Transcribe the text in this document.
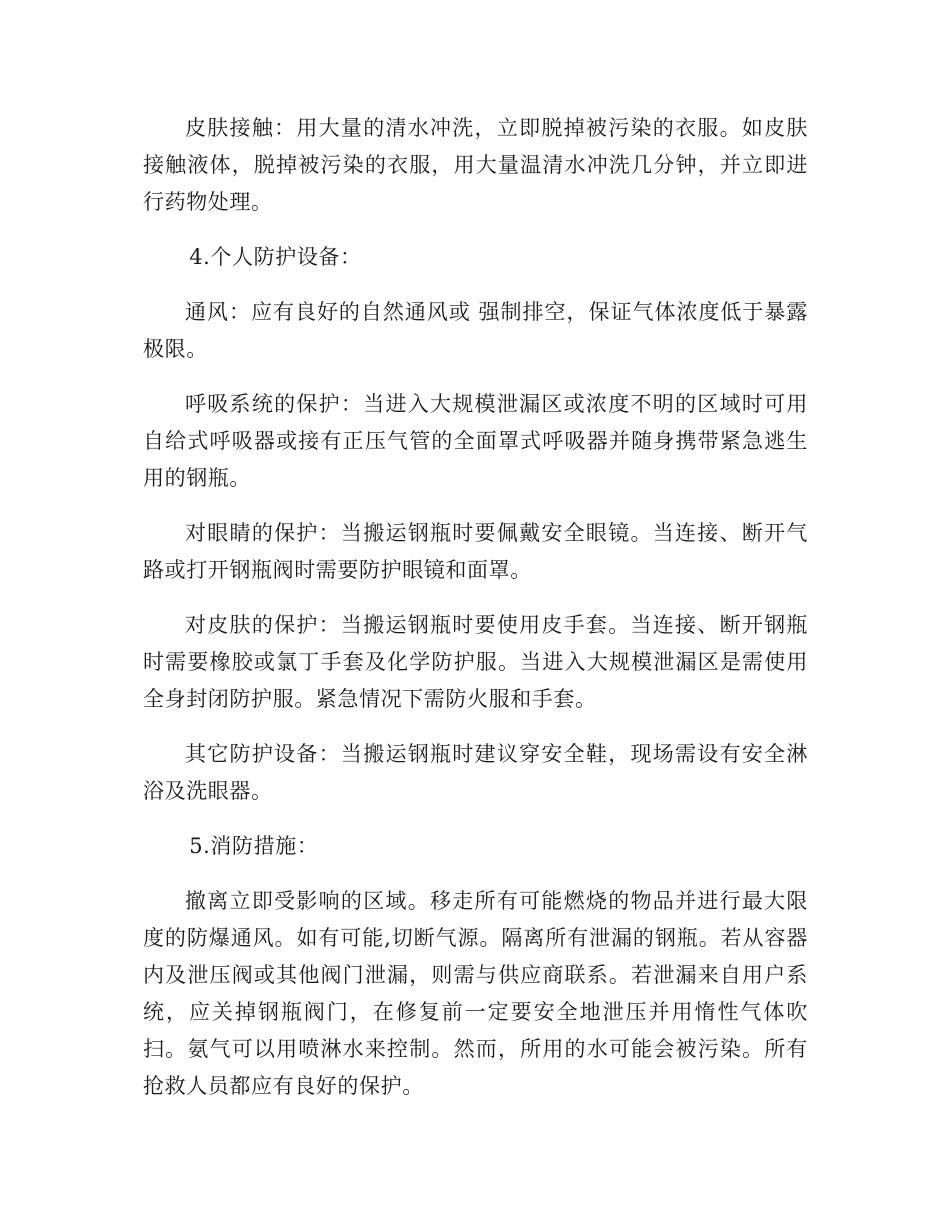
皮肤接触：用大量的清水冲洗，立即脱掉被污染的衣服。如皮肤接触液体，脱掉被污染的衣服，用大量温清水冲洗几分钟，并立即进行药物处理。

4.个人防护设备：

通风：应有良好的自然通风或 强制排空，保证气体浓度低于暴露极限。

呼吸系统的保护：当进入大规模泄漏区或浓度不明的区域时可用自给式呼吸器或接有正压气管的全面罩式呼吸器并随身携带紧急逃生用的钢瓶。

对眼睛的保护：当搬运钢瓶时要佩戴安全眼镜。当连接、断开气路或打开钢瓶阀时需要防护眼镜和面罩。

对皮肤的保护：当搬运钢瓶时要使用皮手套。当连接、断开钢瓶时需要橡胶或氯丁手套及化学防护服。当进入大规模泄漏区是需使用全身封闭防护服。紧急情况下需防火服和手套。

其它防护设备：当搬运钢瓶时建议穿安全鞋，现场需设有安全淋浴及洗眼器。

5.消防措施：

撤离立即受影响的区域。移走所有可能燃烧的物品并进行最大限度的防爆通风。如有可能,切断气源。隔离所有泄漏的钢瓶。若从容器内及泄压阀或其他阀门泄漏，则需与供应商联系。若泄漏来自用户系统，应关掉钢瓶阀门，在修复前一定要安全地泄压并用惰性气体吹扫。氨气可以用喷淋水来控制。然而，所用的水可能会被污染。所有抢救人员都应有良好的保护。
